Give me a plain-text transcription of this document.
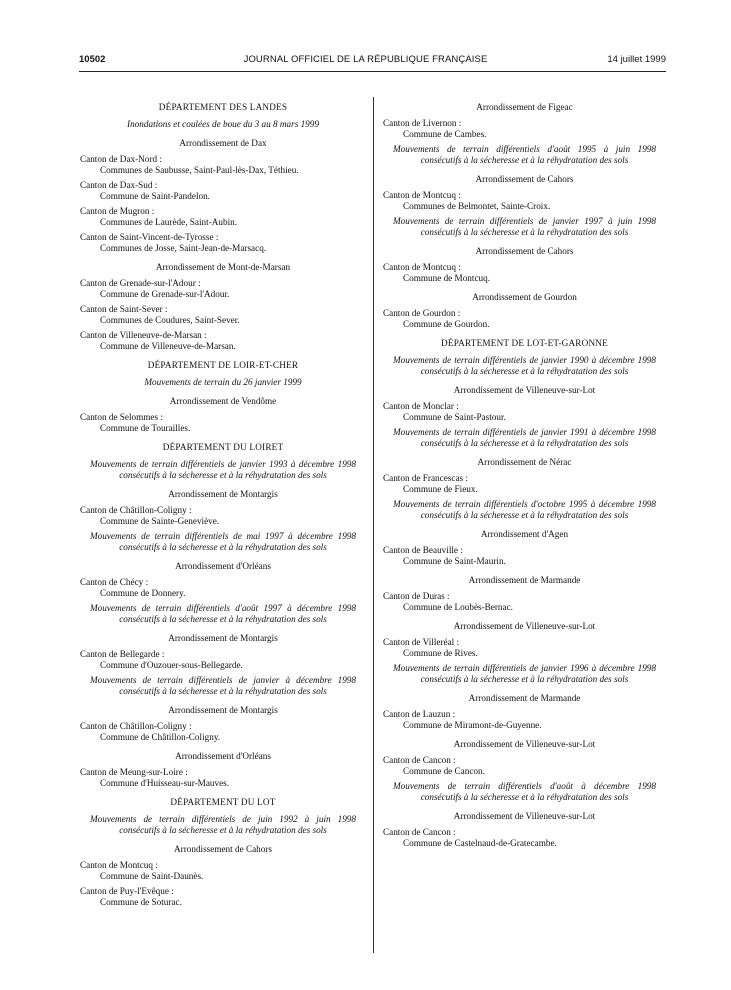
10502	JOURNAL OFFICIEL DE LA RÉPUBLIQUE FRANÇAISE	14 juillet 1999
DÉPARTEMENT DES LANDES
Inondations et coulées de boue du 3 au 8 mars 1999
Arrondissement de Dax
Canton de Dax-Nord :
Communes de Saubusse, Saint-Paul-lès-Dax, Téthieu.
Canton de Dax-Sud :
Commune de Saint-Pandelon.
Canton de Mugron :
Communes de Laurède, Saint-Aubin.
Canton de Saint-Vincent-de-Tyrosse :
Communes de Josse, Saint-Jean-de-Marsacq.
Arrondissement de Mont-de-Marsan
Canton de Grenade-sur-l'Adour :
Commune de Grenade-sur-l'Adour.
Canton de Saint-Sever :
Communes de Coudures, Saint-Sever.
Canton de Villeneuve-de-Marsan :
Commune de Villeneuve-de-Marsan.
DÉPARTEMENT DE LOIR-ET-CHER
Mouvements de terrain du 26 janvier 1999
Arrondissement de Vendôme
Canton de Selommes :
Commune de Tourailles.
DÉPARTEMENT DU LOIRET
Mouvements de terrain différentiels de janvier 1993 à décembre 1998 consécutifs à la sécheresse et à la réhydratation des sols
Arrondissement de Montargis
Canton de Châtillon-Coligny :
Commune de Sainte-Geneviève.
Mouvements de terrain différentiels de mai 1997 à décembre 1998 consécutifs à la sécheresse et à la réhydratation des sols
Arrondissement d'Orléans
Canton de Chécy :
Commune de Donnery.
Mouvements de terrain différentiels d'août 1997 à décembre 1998 consécutifs à la sécheresse et à la réhydratation des sols
Arrondissement de Montargis
Canton de Bellegarde :
Commune d'Ouzouer-sous-Bellegarde.
Mouvements de terrain différentiels de janvier à décembre 1998 consécutifs à la sécheresse et à la réhydratation des sols
Arrondissement de Montargis
Canton de Châtillon-Coligny :
Commune de Châtillon-Coligny.
Arrondissement d'Orléans
Canton de Meung-sur-Loire :
Commune d'Huisseau-sur-Mauves.
DÉPARTEMENT DU LOT
Mouvements de terrain différentiels de juin 1992 à juin 1998 consécutifs à la sécheresse et à la réhydratation des sols
Arrondissement de Cahors
Canton de Montcuq :
Commune de Saint-Daunès.
Canton de Puy-l'Evêque :
Commune de Soturac.
Arrondissement de Figeac
Canton de Livernon :
Commune de Cambes.
Mouvements de terrain différentiels d'août 1995 à juin 1998 consécutifs à la sécheresse et à la réhydratation des sols
Arrondissement de Cahors
Canton de Montcuq :
Communes de Belmontet, Sainte-Croix.
Mouvements de terrain différentiels de janvier 1997 à juin 1998 consécutifs à la sécheresse et à la réhydratation des sols
Arrondissement de Cahors
Canton de Montcuq :
Commune de Montcuq.
Arrondissement de Gourdon
Canton de Gourdon :
Commune de Gourdon.
DÉPARTEMENT DE LOT-ET-GARONNE
Mouvements de terrain différentiels de janvier 1990 à décembre 1998 consécutifs à la sécheresse et à la réhydratation des sols
Arrondissement de Villeneuve-sur-Lot
Canton de Monclar :
Commune de Saint-Pastour.
Mouvements de terrain différentiels de janvier 1991 à décembre 1998 consécutifs à la sécheresse et à la réhydratation des sols
Arrondissement de Nérac
Canton de Francescas :
Commune de Fieux.
Mouvements de terrain différentiels d'octobre 1995 à décembre 1998 consécutifs à la sécheresse et à la réhydratation des sols
Arrondissement d'Agen
Canton de Beauville :
Commune de Saint-Maurin.
Arrondissement de Marmande
Canton de Duras :
Commune de Loubès-Bernac.
Arrondissement de Villeneuve-sur-Lot
Canton de Villeréal :
Commune de Rives.
Mouvements de terrain différentiels de janvier 1996 à décembre 1998 consécutifs à la sécheresse et à la réhydratation des sols
Arrondissement de Marmande
Canton de Lauzun :
Commune de Miramont-de-Guyenne.
Arrondissement de Villeneuve-sur-Lot
Canton de Cancon :
Commune de Cancon.
Mouvements de terrain différentiels d'août à décembre 1998 consécutifs à la sécheresse et à la réhydratation des sols
Arrondissement de Villeneuve-sur-Lot
Canton de Cancon :
Commune de Castelnaud-de-Gratecambe.
